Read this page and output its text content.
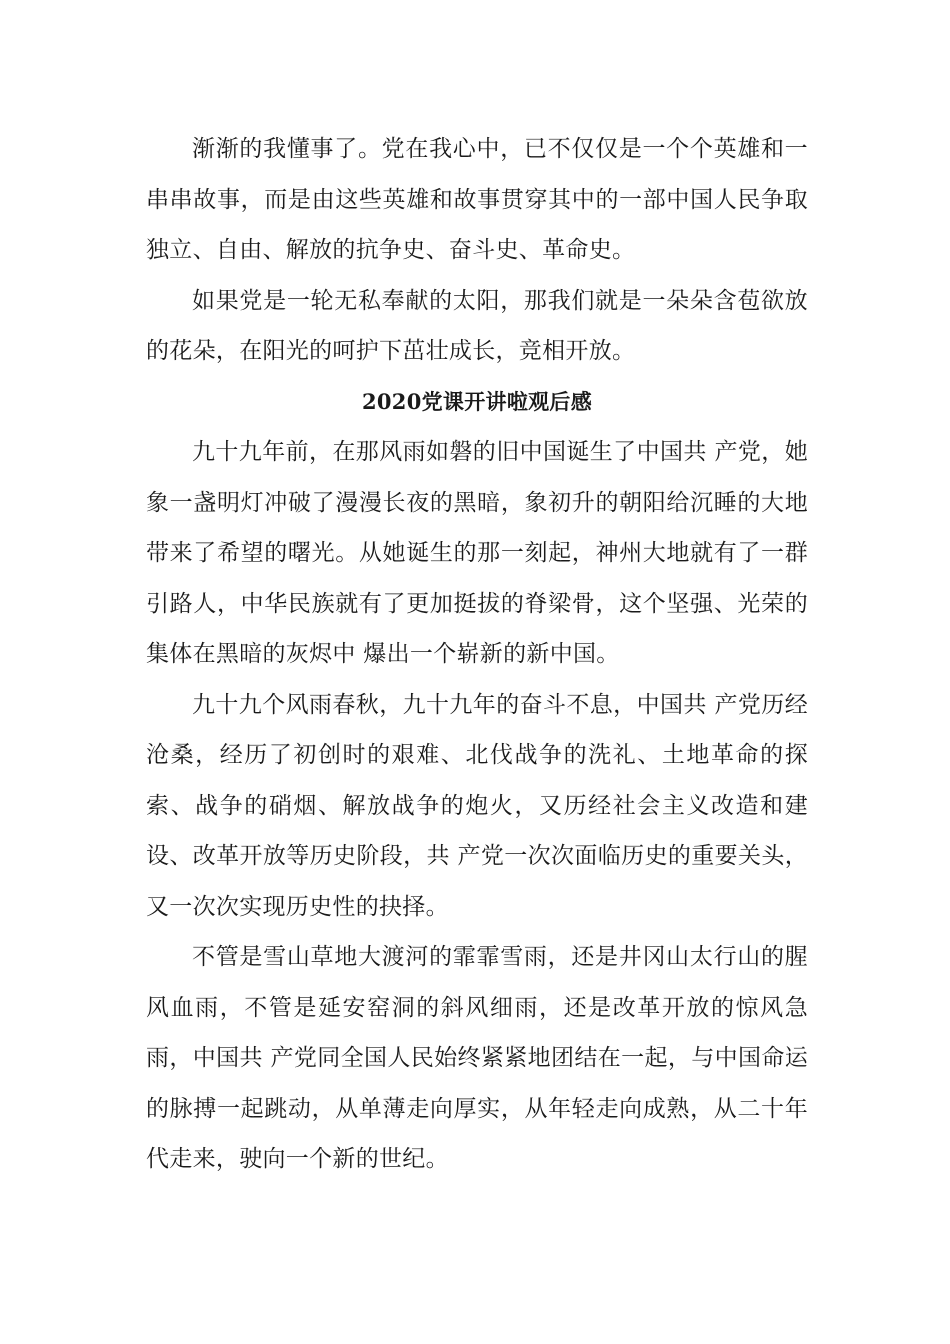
渐渐的我懂事了。党在我心中，已不仅仅是一个个英雄和一串串故事，而是由这些英雄和故事贯穿其中的一部中国人民争取独立、自由、解放的抗争史、奋斗史、革命史。

如果党是一轮无私奉献的太阳，那我们就是一朵朵含苞欲放的花朵，在阳光的呵护下茁壮成长，竞相开放。

2020党课开讲啦观后感

九十九年前，在那风雨如磐的旧中国诞生了中国共 产党，她象一盏明灯冲破了漫漫长夜的黑暗，象初升的朝阳给沉睡的大地带来了希望的曙光。从她诞生的那一刻起，神州大地就有了一群引路人，中华民族就有了更加挺拔的脊梁骨，这个坚强、光荣的集体在黑暗的灰烬中 爆出一个崭新的新中国。

九十九个风雨春秋，九十九年的奋斗不息，中国共 产党历经沧桑，经历了初创时的艰难、北伐战争的洗礼、土地革命的探索、战争的硝烟、解放战争的炮火，又历经社会主义改造和建设、改革开放等历史阶段，共 产党一次次面临历史的重要关头，又一次次实现历史性的抉择。

不管是雪山草地大渡河的霏霏雪雨，还是井冈山太行山的腥风血雨，不管是延安窑洞的斜风细雨，还是改革开放的惊风急雨，中国共 产党同全国人民始终紧紧地团结在一起，与中国命运的脉搏一起跳动，从单薄走向厚实，从年轻走向成熟，从二十年代走来，驶向一个新的世纪。
